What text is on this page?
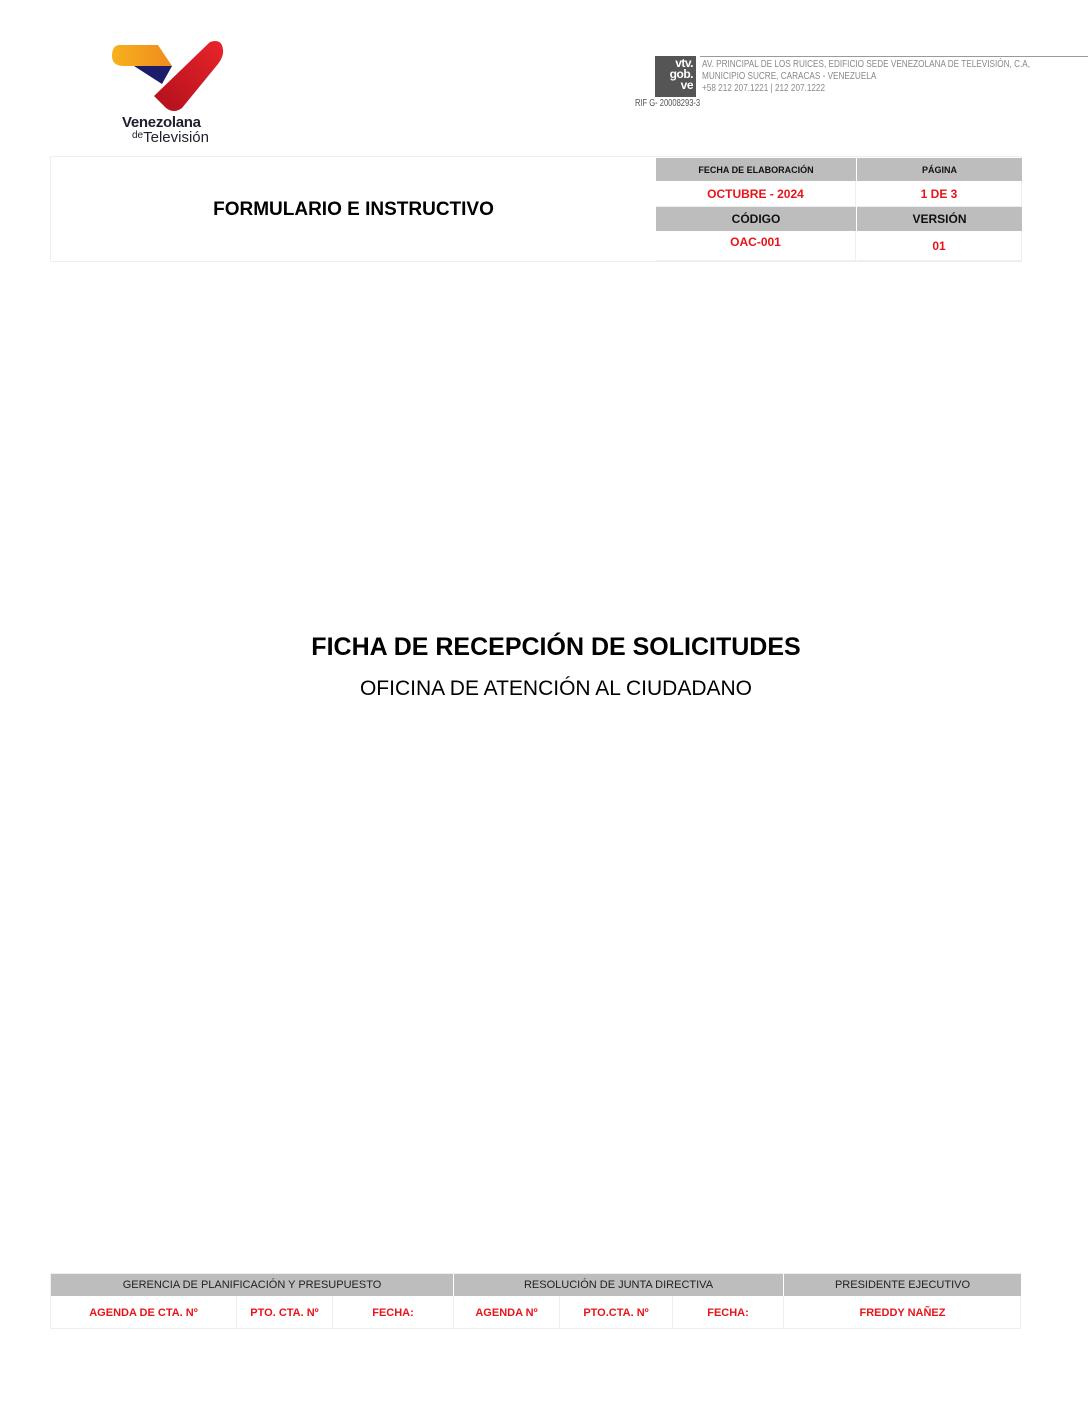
Venezolana
$^{de}$Televisión
vtv.
gob.
ve
AV. PRINCIPAL DE LOS RUICES, EDIFICIO SEDE VENEZOLANA DE TELEVISIÓN, C.A,
MUNICIPIO SUCRE, CARACAS - VENEZUELA
+58 212 207.1221 | 212 207.1222
RIF G- 20008293-3
FORMULARIO E INSTRUCTIVO
FECHA DE ELABORACIÓN	PÁGINA
OCTUBRE - 2024	1 DE 3
CÓDIGO	VERSIÓN
OAC-001	01
FICHA DE RECEPCIÓN DE SOLICITUDES
OFICINA DE ATENCIÓN AL CIUDADANO
GERENCIA DE PLANIFICACIÓN Y PRESUPUESTO	RESOLUCIÓN DE JUNTA DIRECTIVA	PRESIDENTE EJECUTIVO
AGENDA DE CTA. Nº	PTO. CTA. Nº	FECHA:	AGENDA Nº	PTO.CTA. Nº	FECHA:	FREDDY NAÑEZ
